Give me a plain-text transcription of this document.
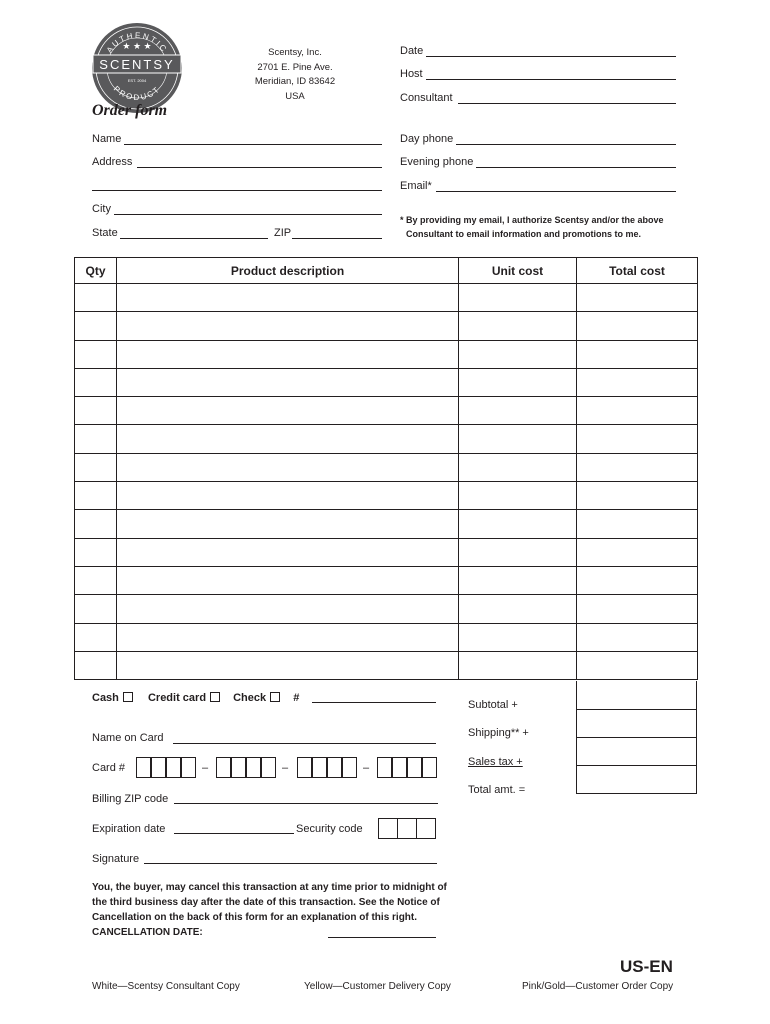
AUTHENTIC
PRODUCT
★ ★ ★
SCENTSY
EST. 2004
Scentsy, Inc.
2701 E. Pine Ave.
Meridian, ID 83642
USA
Order form
Date
Host
Consultant
Name
Address
City
State	ZIP
Day phone
Evening phone
Email*
* By providing my email, I authorize Scentsy and/or the above
Consultant to email information and promotions to me.
Qty	Product description	Unit cost	Total cost

Cash	Credit card Check #
Name on Card
Card #
Billing ZIP code
Expiration date	Security code
Signature
Subtotal +
Shipping** +
Sales tax +
Total amt. =
You, the buyer, may cancel this transaction at any time prior to midnight of the third business day after the date of this transaction. See the Notice of Cancellation on the back of this form for an explanation of this right. CANCELLATION DATE:
US-EN
White—Scentsy Consultant Copy	Yellow—Customer Delivery Copy	Pink/Gold—Customer Order Copy
–	–	–
